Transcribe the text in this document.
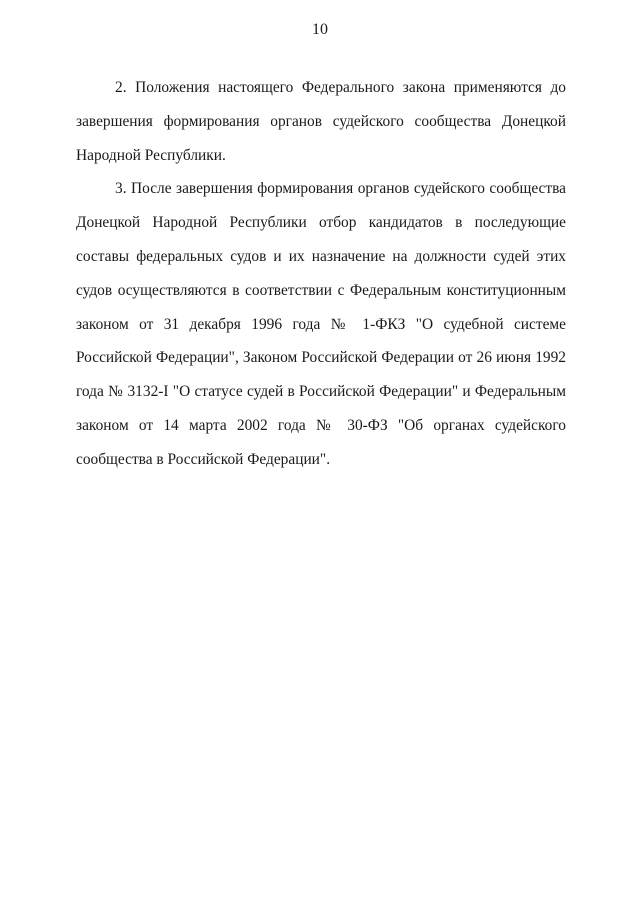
10

2. Положения настоящего Федерального закона применяются до
завершения формирования органов судейского сообщества Донецкой
Народной Республики.

3. После завершения формирования органов судейского сообщества
Донецкой Народной Республики отбор кандидатов в последующие
составы федеральных судов и их назначение на должности судей этих
судов осуществляются в соответствии с Федеральным конституционным
законом от 31 декабря 1996 года № 1-ФКЗ "О судебной системе
Российской Федерации", Законом Российской Федерации от 26 июня 1992
года № 3132-I "О статусе судей в Российской Федерации" и Федеральным
законом от 14 марта 2002 года № 30-ФЗ "Об органах судейского
сообщества в Российской Федерации".
